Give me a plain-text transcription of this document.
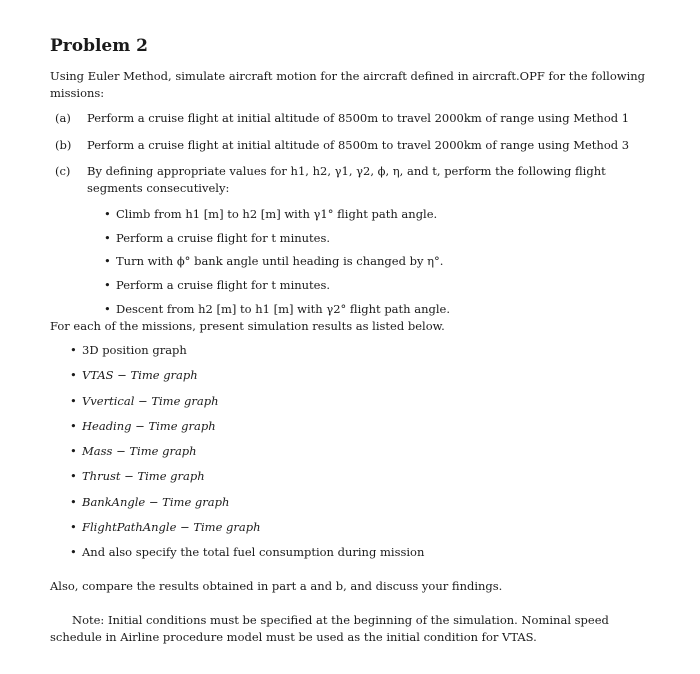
Problem 2
Using Euler Method, simulate aircraft motion for the aircraft defined in aircraft.OPF for the following missions:
(a)	Perform a cruise flight at initial altitude of 8500m to travel 2000km of range using Method 1
(b)	Perform a cruise flight at initial altitude of 8500m to travel 2000km of range using Method 3
(c)	By defining appropriate values for h1, h2, γ1, γ2, ϕ, η, and t, perform the following flight segments consecutively:
• Climb from h1 [m] to h2 [m] with γ1° flight path angle.
• Perform a cruise flight for t minutes.
• Turn with ϕ° bank angle until heading is changed by η°.
• Perform a cruise flight for t minutes.
• Descent from h2 [m] to h1 [m] with γ2° flight path angle.
For each of the missions, present simulation results as listed below.
• 3D position graph
• VTAS − Time graph
• Vvertical − Time graph
• Heading − Time graph
• Mass − Time graph
• Thrust − Time graph
• BankAngle − Time graph
• FlightPathAngle − Time graph
• And also specify the total fuel consumption during mission
Also, compare the results obtained in part a and b, and discuss your findings.
Note: Initial conditions must be specified at the beginning of the simulation. Nominal speed schedule in Airline procedure model must be used as the initial condition for VTAS.
